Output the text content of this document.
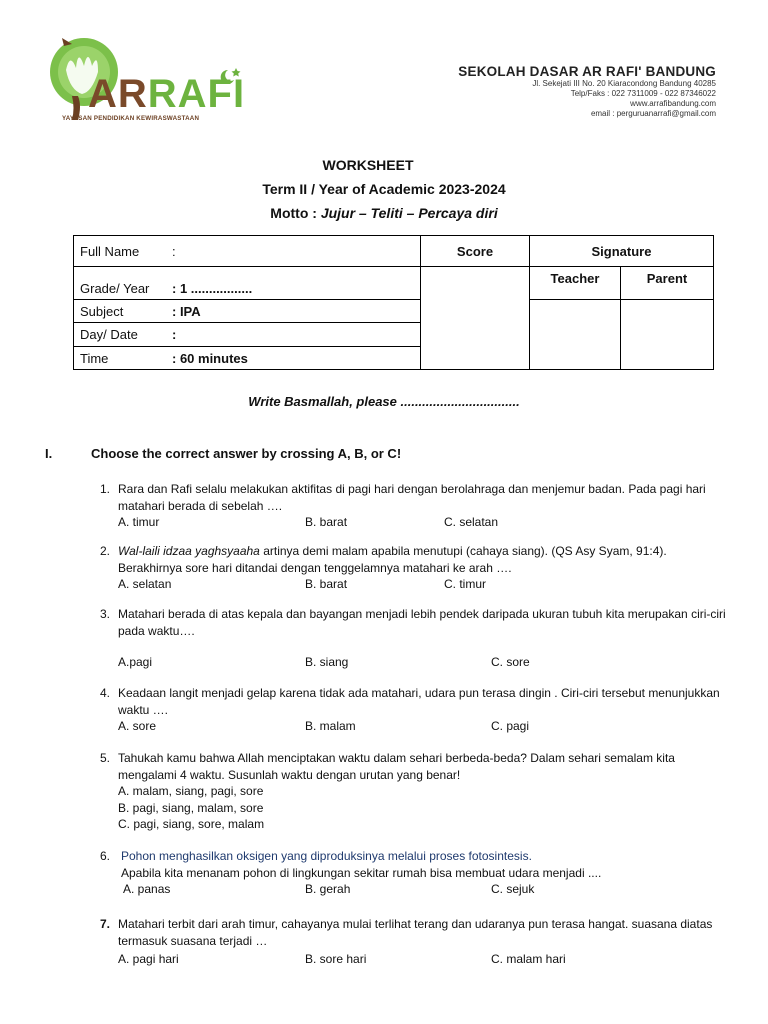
ARRAFI
YAYASAN PENDIDIKAN KEWIRASWASTAAN
SEKOLAH DASAR AR RAFI' BANDUNG
Jl. Sekejati III No. 20 Kiaracondong Bandung 40285
Telp/Faks : 022 7311009 - 022 87346022
www.arrafibandung.com
email : perguruanarrafi@gmail.com
WORKSHEET
Term II / Year of Academic 2023-2024
Motto : Jujur – Teliti – Percaya diri
Full Name :	Score	Signature	
Grade/ Year : 1 .................		Teacher	Parent
Subject : IPA			
Day/ Date :			
Time : 60 minutes			
Write Basmallah, please .................................
I.	Choose the correct answer by crossing A, B, or C!
1. Rara dan Rafi selalu melakukan aktifitas di pagi hari dengan berolahraga dan menjemur badan. Pada pagi hari matahari berada di sebelah ….
A. timur	B. barat	C. selatan
2. Wal-laili idzaa yaghsyaaha artinya demi malam apabila menutupi (cahaya siang). (QS Asy Syam, 91:4). Berakhirnya sore hari ditandai dengan tenggelamnya matahari ke arah ….
A. selatan	B. barat	C. timur
3. Matahari berada di atas kepala dan bayangan menjadi lebih pendek daripada ukuran tubuh kita merupakan ciri-ciri pada waktu….
A.pagi	B. siang	C. sore
4. Keadaan langit menjadi gelap karena tidak ada matahari, udara pun terasa dingin . Ciri-ciri tersebut menunjukkan waktu ….
A. sore	B. malam	C. pagi
5. Tahukah kamu bahwa Allah menciptakan waktu dalam sehari berbeda-beda? Dalam sehari semalam kita mengalami 4 waktu. Susunlah waktu dengan urutan yang benar!
A. malam, siang, pagi, sore
B. pagi, siang, malam, sore
C. pagi, siang, sore, malam
6. Pohon menghasilkan oksigen yang diproduksinya melalui proses fotosintesis.
Apabila kita menanam pohon di lingkungan sekitar rumah bisa membuat udara menjadi ....
A. panas	B. gerah	C. sejuk
7. Matahari terbit dari arah timur, cahayanya mulai terlihat terang dan udaranya pun terasa hangat. suasana diatas termasuk suasana terjadi …
A. pagi hari	B. sore hari	C. malam hari
